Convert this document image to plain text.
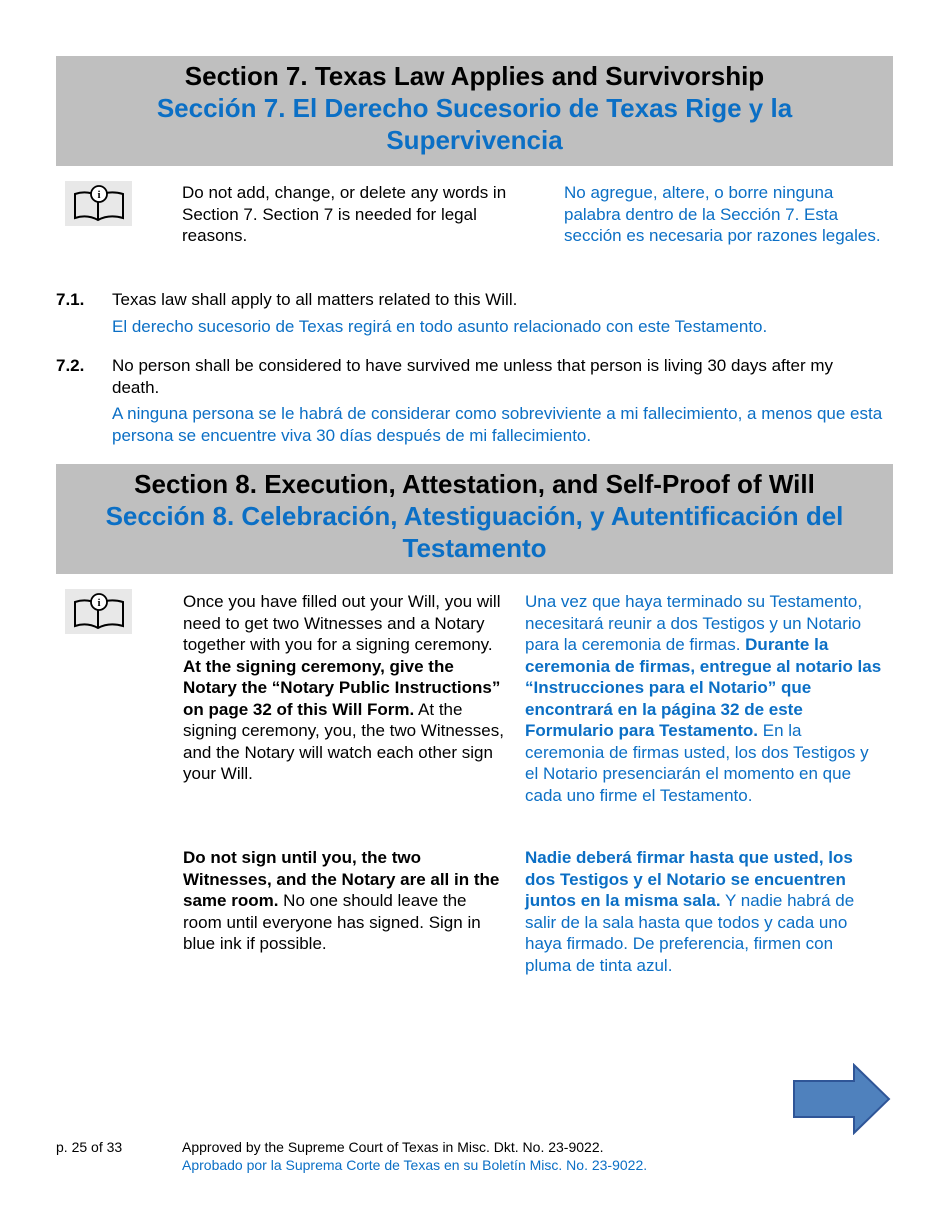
Section 7. Texas Law Applies and Survivorship
Sección 7. El Derecho Sucesorio de Texas Rige y la Supervivencia
i	Do not add, change, or delete any words in Section 7. Section 7 is needed for legal reasons.
No agregue, altere, o borre ninguna palabra dentro de la Sección 7. Esta sección es necesaria por razones legales.
7.1. Texas law shall apply to all matters related to this Will.
El derecho sucesorio de Texas regirá en todo asunto relacionado con este Testamento.
7.2. No person shall be considered to have survived me unless that person is living 30 days after my death.
A ninguna persona se le habrá de considerar como sobreviviente a mi fallecimiento, a menos que esta persona se encuentre viva 30 días después de mi fallecimiento.
Section 8. Execution, Attestation, and Self-Proof of Will
Sección 8. Celebración, Atestiguación, y Autentificación del Testamento
i	Once you have filled out your Will, you will need to get two Witnesses and a Notary together with you for a signing ceremony. At the signing ceremony, give the Notary the “Notary Public Instructions” on page 32 of this Will Form. At the signing ceremony, you, the two Witnesses, and the Notary will watch each other sign your Will.
Una vez que haya terminado su Testamento, necesitará reunir a dos Testigos y un Notario para la ceremonia de firmas. Durante la ceremonia de firmas, entregue al notario las “Instrucciones para el Notario” que encontrará en la página 32 de este Formulario para Testamento. En la ceremonia de firmas usted, los dos Testigos y el Notario presenciarán el momento en que cada uno firme el Testamento.
Do not sign until you, the two Witnesses, and the Notary are all in the same room. No one should leave the room until everyone has signed. Sign in blue ink if possible.
Nadie deberá firmar hasta que usted, los dos Testigos y el Notario se encuentren juntos en la misma sala. Y nadie habrá de salir de la sala hasta que todos y cada uno haya firmado. De preferencia, firmen con pluma de tinta azul.
p. 25 of 33	Approved by the Supreme Court of Texas in Misc. Dkt. No. 23-9022.
Aprobado por la Suprema Corte de Texas en su Boletín Misc. No. 23-9022.
